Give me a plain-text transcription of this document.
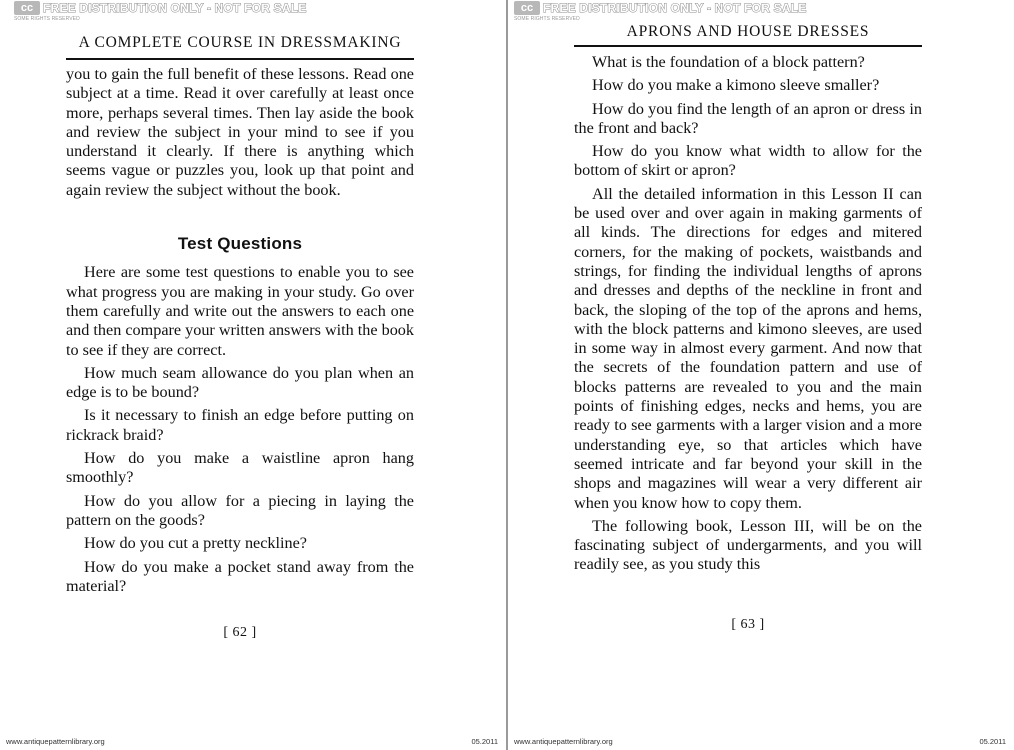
cc FREE DISTRIBUTION ONLY - NOT FOR SALE
SOME RIGHTS RESERVED
A COMPLETE COURSE IN DRESSMAKING

you to gain the full benefit of these lessons. Read one subject at a time. Read it over carefully at least once more, perhaps several times. Then lay aside the book and review the subject in your mind to see if you understand it clearly. If there is anything which seems vague or puzzles you, look up that point and again review the subject without the book.

Test Questions

Here are some test questions to enable you to see what progress you are making in your study. Go over them carefully and write out the answers to each one and then compare your written answers with the book to see if they are correct.

How much seam allowance do you plan when an edge is to be bound?

Is it necessary to finish an edge before putting on rickrack braid?

How do you make a waistline apron hang smoothly?

How do you allow for a piecing in laying the pattern on the goods?

How do you cut a pretty neckline?

How do you make a pocket stand away from the material?

[ 62 ]
www.antiquepatternlibrary.org	05.2011
cc FREE DISTRIBUTION ONLY - NOT FOR SALE
SOME RIGHTS RESERVED
APRONS AND HOUSE DRESSES

What is the foundation of a block pattern?

How do you make a kimono sleeve smaller?

How do you find the length of an apron or dress in the front and back?

How do you know what width to allow for the bottom of skirt or apron?

All the detailed information in this Lesson II can be used over and over again in making garments of all kinds. The directions for edges and mitered corners, for the making of pockets, waistbands and strings, for finding the individual lengths of aprons and dresses and depths of the neckline in front and back, the sloping of the top of the aprons and hems, with the block patterns and kimono sleeves, are used in some way in almost every garment. And now that the secrets of the foundation pattern and use of blocks patterns are revealed to you and the main points of finishing edges, necks and hems, you are ready to see garments with a larger vision and a more understanding eye, so that articles which have seemed intricate and far beyond your skill in the shops and magazines will wear a very different air when you know how to copy them.

The following book, Lesson III, will be on the fascinating subject of undergarments, and you will readily see, as you study this

[ 63 ]
www.antiquepatternlibrary.org	05.2011
